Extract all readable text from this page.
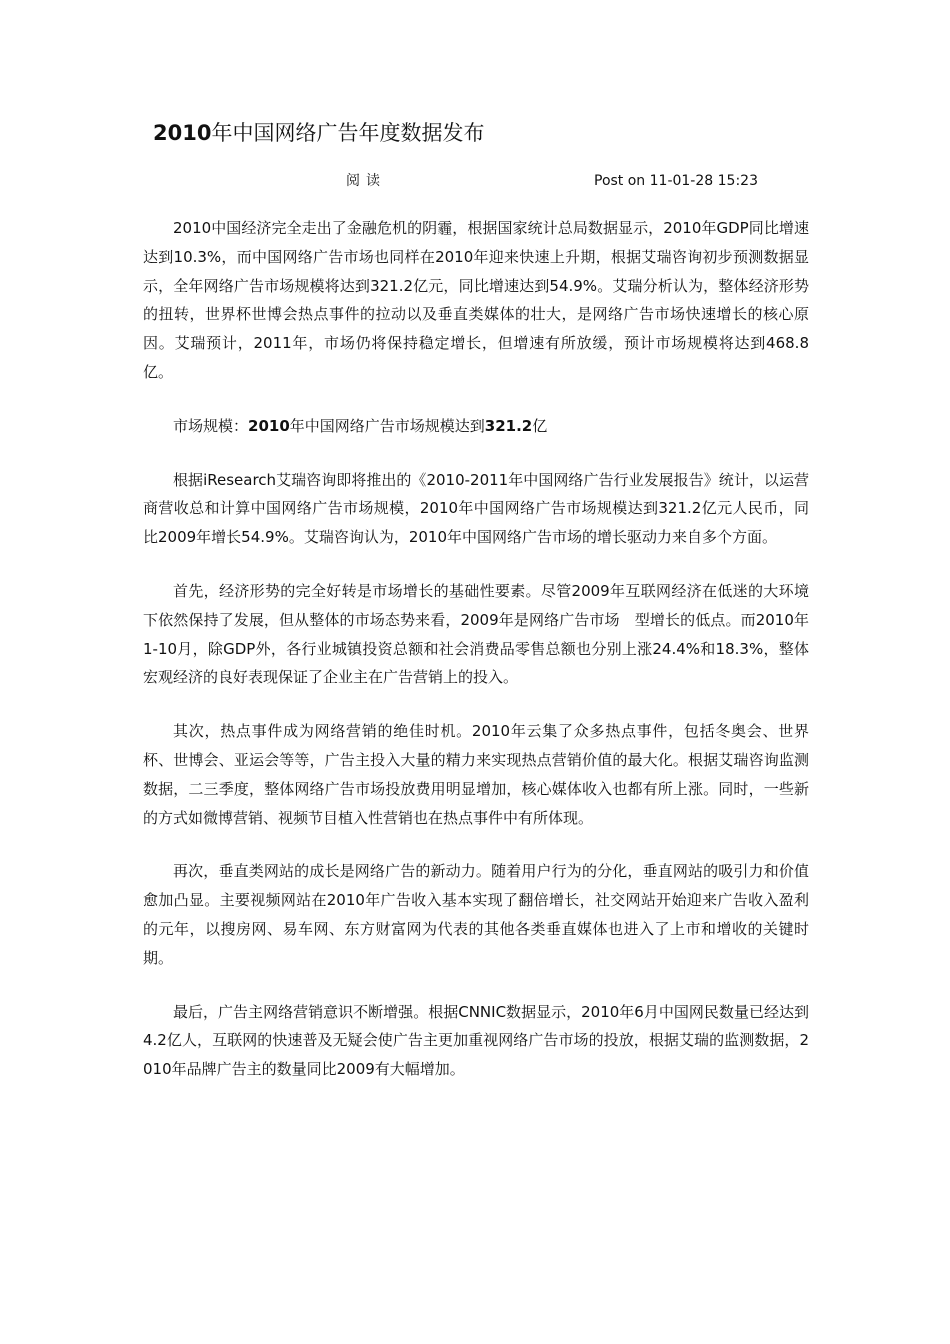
2010年中国网络广告年度数据发布
阅读	Post on 11-01-28 15:23

2010中国经济完全走出了金融危机的阴霾，根据国家统计总局数据显示，2010年GDP同比增速达到10.3%，而中国网络广告市场也同样在2010年迎来快速上升期，根据艾瑞咨询初步预测数据显示，全年网络广告市场规模将达到321.2亿元，同比增速达到54.9%。艾瑞分析认为，整体经济形势的扭转，世界杯世博会热点事件的拉动以及垂直类媒体的壮大，是网络广告市场快速增长的核心原因。艾瑞预计，2011年，市场仍将保持稳定增长，但增速有所放缓，预计市场规模将达到468.8亿。

市场规模：2010年中国网络广告市场规模达到321.2亿

根据iResearch艾瑞咨询即将推出的《2010-2011年中国网络广告行业发展报告》统计，以运营商营收总和计算中国网络广告市场规模，2010年中国网络广告市场规模达到321.2亿元人民币，同比2009年增长54.9%。艾瑞咨询认为，2010年中国网络广告市场的增长驱动力来自多个方面。

首先，经济形势的完全好转是市场增长的基础性要素。尽管2009年互联网经济在低迷的大环境下依然保持了发展，但从整体的市场态势来看，2009年是网络广告市场　型增长的低点。而2010年1-10月，除GDP外，各行业城镇投资总额和社会消费品零售总额也分别上涨24.4%和18.3%，整体宏观经济的良好表现保证了企业主在广告营销上的投入。

其次，热点事件成为网络营销的绝佳时机。2010年云集了众多热点事件，包括冬奥会、世界杯、世博会、亚运会等等，广告主投入大量的精力来实现热点营销价值的最大化。根据艾瑞咨询监测数据，二三季度，整体网络广告市场投放费用明显增加，核心媒体收入也都有所上涨。同时，一些新的方式如微博营销、视频节目植入性营销也在热点事件中有所体现。

再次，垂直类网站的成长是网络广告的新动力。随着用户行为的分化，垂直网站的吸引力和价值愈加凸显。主要视频网站在2010年广告收入基本实现了翻倍增长，社交网站开始迎来广告收入盈利的元年，以搜房网、易车网、东方财富网为代表的其他各类垂直媒体也进入了上市和增收的关键时期。

最后，广告主网络营销意识不断增强。根据CNNIC数据显示，2010年6月中国网民数量已经达到4.2亿人，互联网的快速普及无疑会使广告主更加重视网络广告市场的投放，根据艾瑞的监测数据，2010年品牌广告主的数量同比2009有大幅增加。
